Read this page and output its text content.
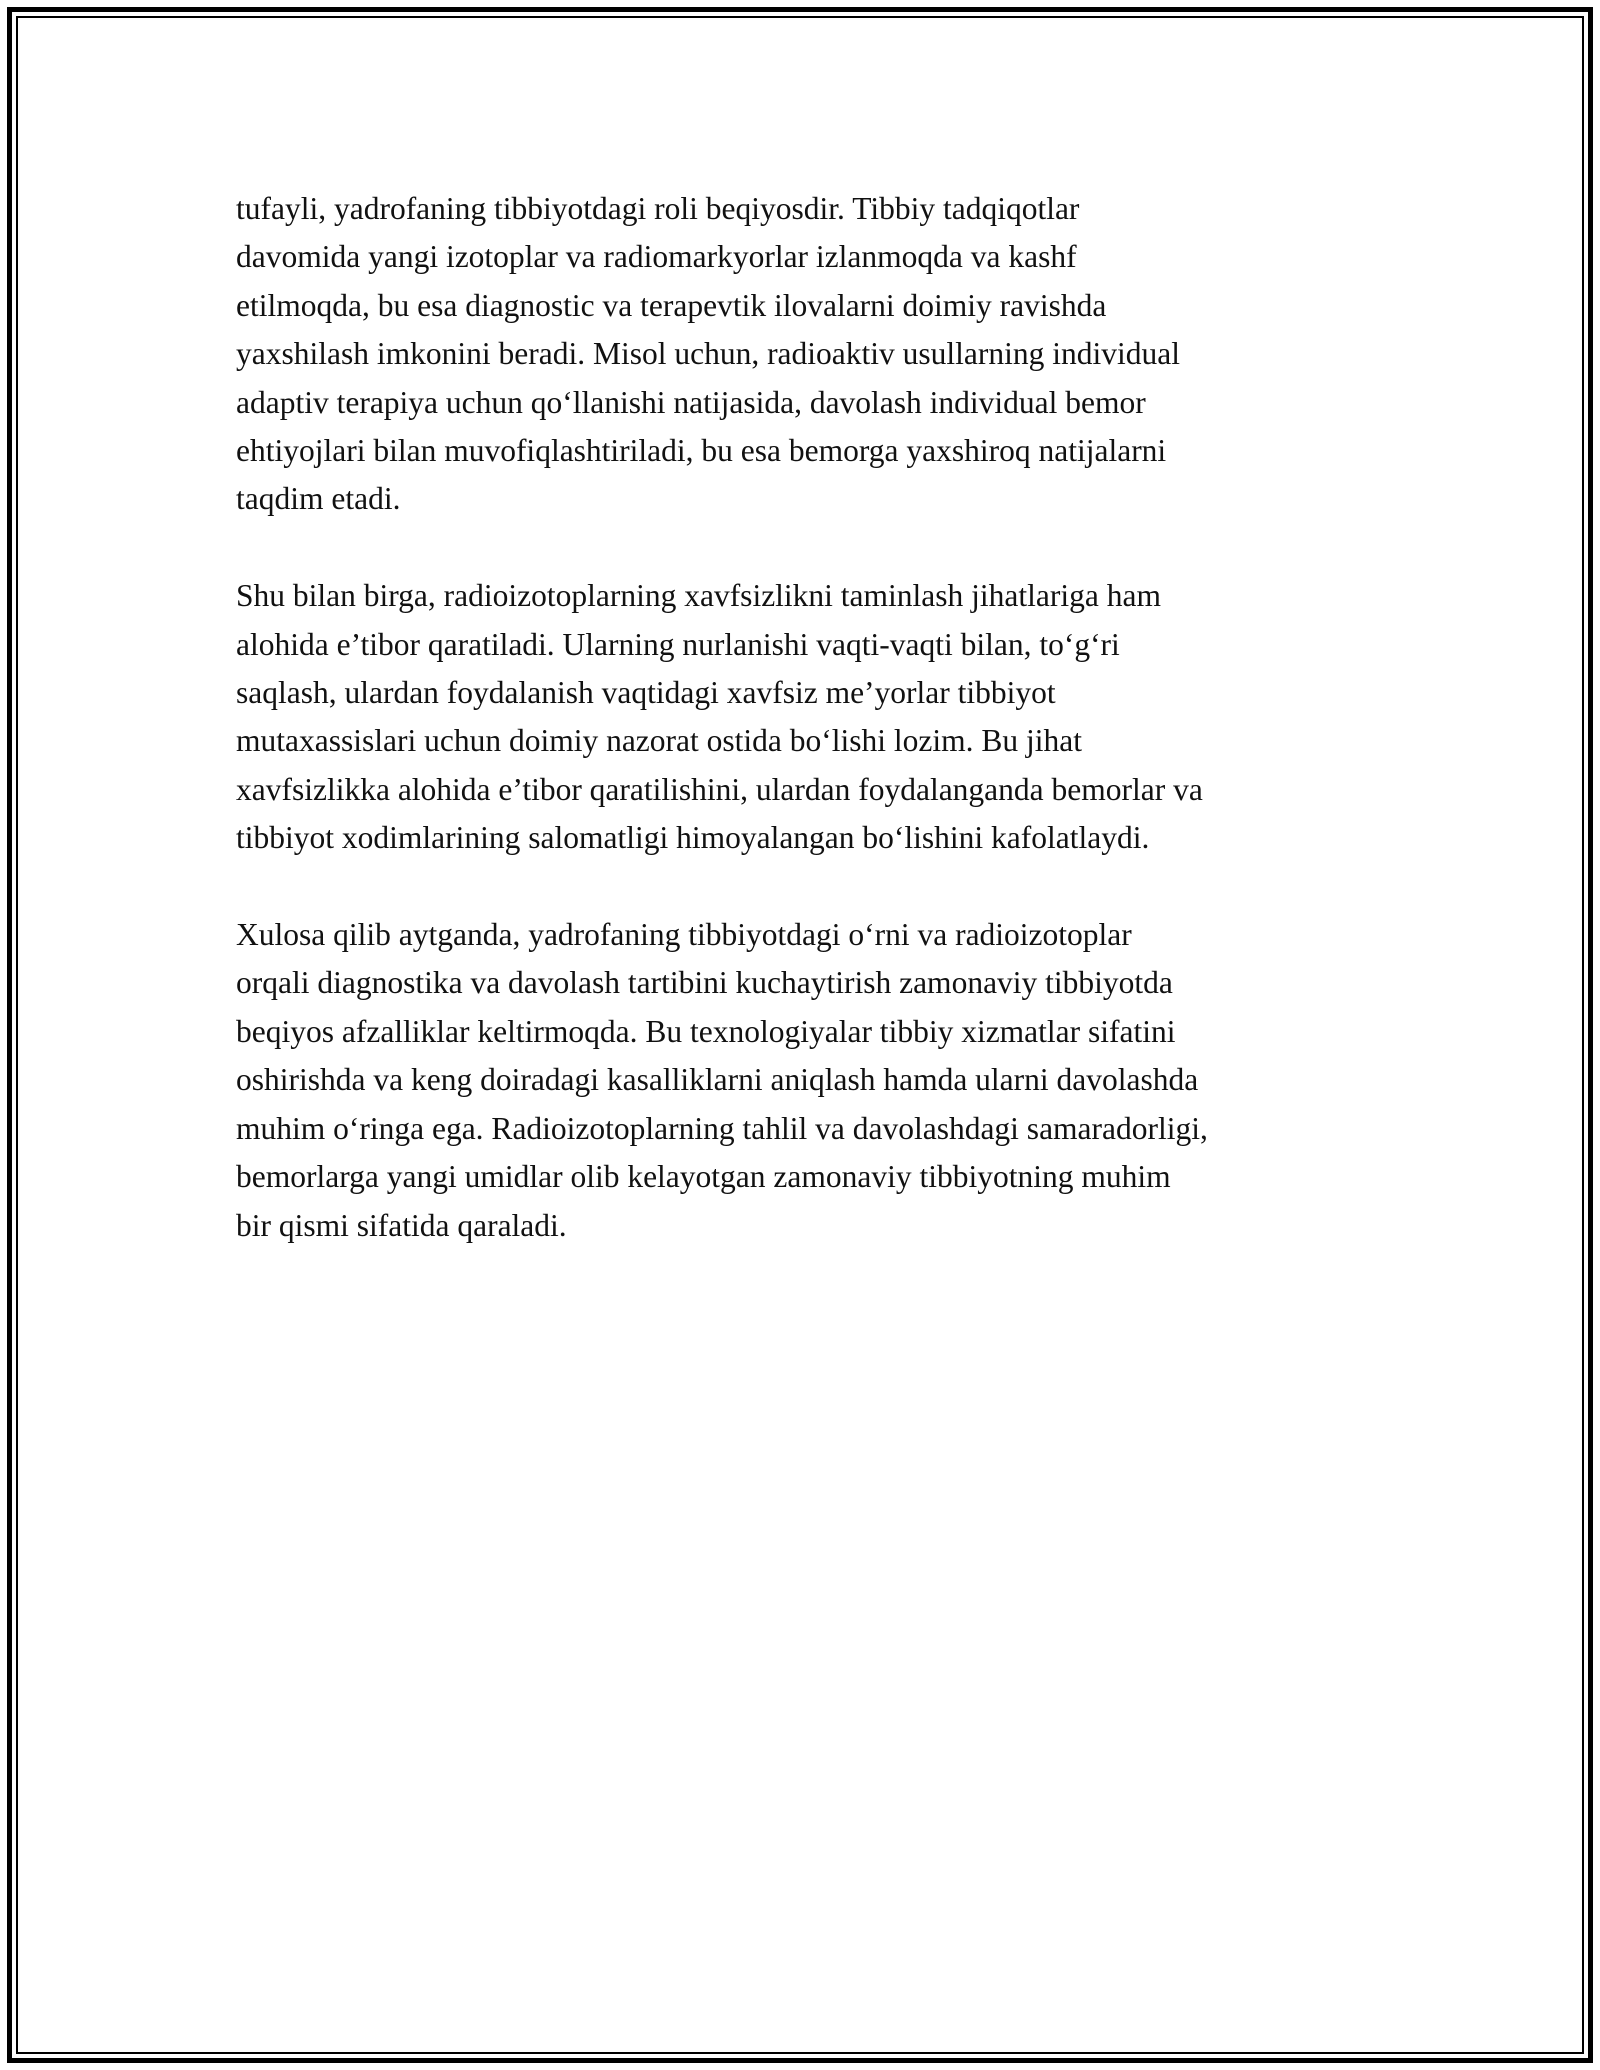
tufayli, yadrofaning tibbiyotdagi roli beqiyosdir. Tibbiy tadqiqotlar
davomida yangi izotoplar va radiomarkyorlar izlanmoqda va kashf
etilmoqda, bu esa diagnostic va terapevtik ilovalarni doimiy ravishda
yaxshilash imkonini beradi. Misol uchun, radioaktiv usullarning individual
adaptiv terapiya uchun qo‘llanishi natijasida, davolash individual bemor
ehtiyojlari bilan muvofiqlashtiriladi, bu esa bemorga yaxshiroq natijalarni
taqdim etadi.

Shu bilan birga, radioizotoplarning xavfsizlikni taminlash jihatlariga ham
alohida e’tibor qaratiladi. Ularning nurlanishi vaqti-vaqti bilan, to‘g‘ri
saqlash, ulardan foydalanish vaqtidagi xavfsiz me’yorlar tibbiyot
mutaxassislari uchun doimiy nazorat ostida bo‘lishi lozim. Bu jihat
xavfsizlikka alohida e’tibor qaratilishini, ulardan foydalanganda bemorlar va
tibbiyot xodimlarining salomatligi himoyalangan bo‘lishini kafolatlaydi.

Xulosa qilib aytganda, yadrofaning tibbiyotdagi o‘rni va radioizotoplar
orqali diagnostika va davolash tartibini kuchaytirish zamonaviy tibbiyotda
beqiyos afzalliklar keltirmoqda. Bu texnologiyalar tibbiy xizmatlar sifatini
oshirishda va keng doiradagi kasalliklarni aniqlash hamda ularni davolashda
muhim o‘ringa ega. Radioizotoplarning tahlil va davolashdagi samaradorligi,
bemorlarga yangi umidlar olib kelayotgan zamonaviy tibbiyotning muhim
bir qismi sifatida qaraladi.
